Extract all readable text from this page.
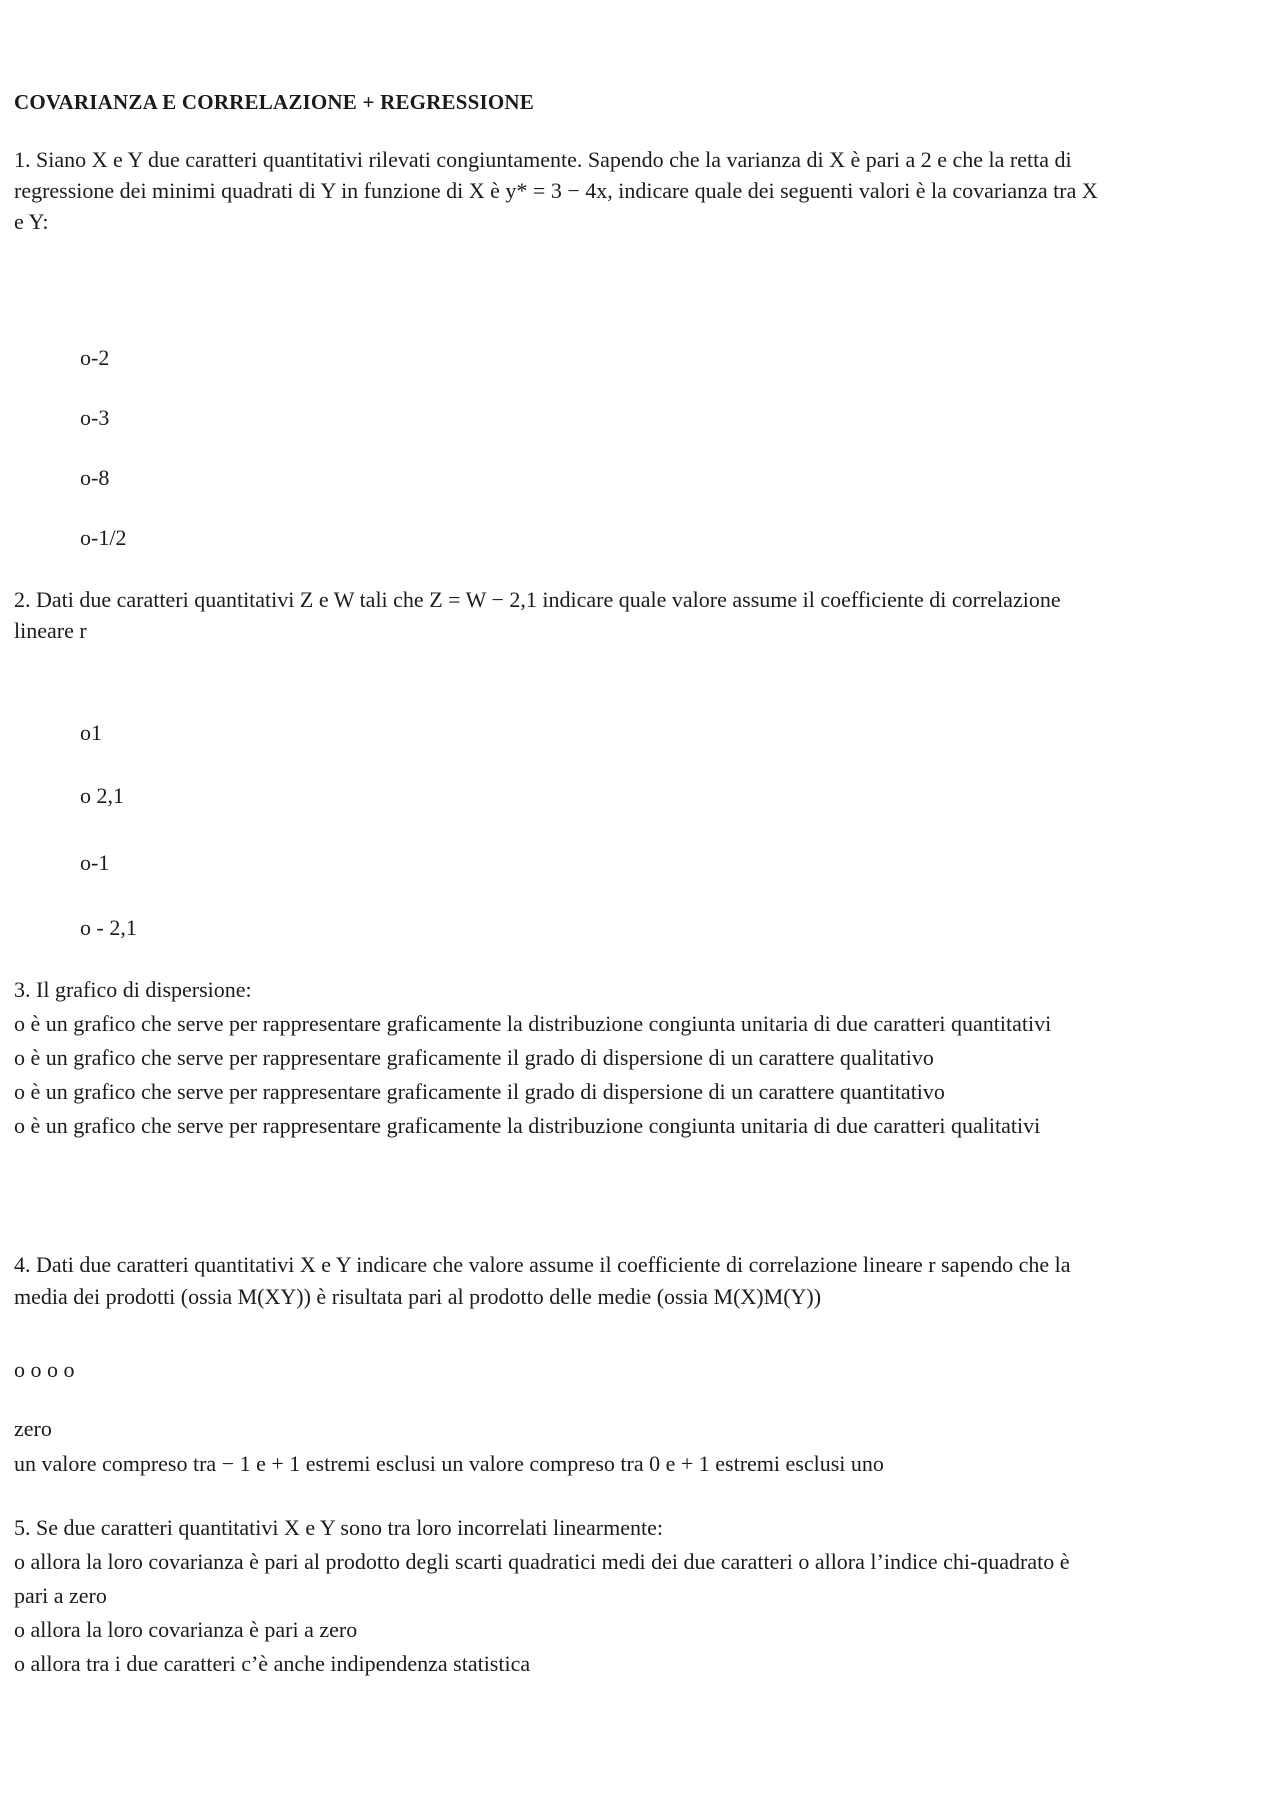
COVARIANZA E CORRELAZIONE + REGRESSIONE
1. Siano X e Y due caratteri quantitativi rilevati congiuntamente. Sapendo che la varianza di X è pari a 2 e che la retta di regressione dei minimi quadrati di Y in funzione di X è y* = 3 − 4x, indicare quale dei seguenti valori è la covarianza tra X e Y:
o-2
o-3
o-8
o-1/2
2. Dati due caratteri quantitativi Z e W tali che Z = W − 2,1 indicare quale valore assume il coefficiente di correlazione lineare r
o1
o 2,1
o-1
o - 2,1

3. Il grafico di dispersione:

o è un grafico che serve per rappresentare graficamente la distribuzione congiunta unitaria di due caratteri quantitativi

o è un grafico che serve per rappresentare graficamente il grado di dispersione di un carattere qualitativo

o è un grafico che serve per rappresentare graficamente il grado di dispersione di un carattere quantitativo

o è un grafico che serve per rappresentare graficamente la distribuzione congiunta unitaria di due caratteri qualitativi

4. Dati due caratteri quantitativi X e Y indicare che valore assume il coefficiente di correlazione lineare r sapendo che la media dei prodotti (ossia M(XY)) è risultata pari al prodotto delle medie (ossia M(X)M(Y))
o o o o

zero

un valore compreso tra − 1 e + 1 estremi esclusi un valore compreso tra 0 e + 1 estremi esclusi uno

5. Se due caratteri quantitativi X e Y sono tra loro incorrelati linearmente:

o allora la loro covarianza è pari al prodotto degli scarti quadratici medi dei due caratteri o allora l’indice chi-quadrato è pari a zero

o allora la loro covarianza è pari a zero

o allora tra i due caratteri c’è anche indipendenza statistica
